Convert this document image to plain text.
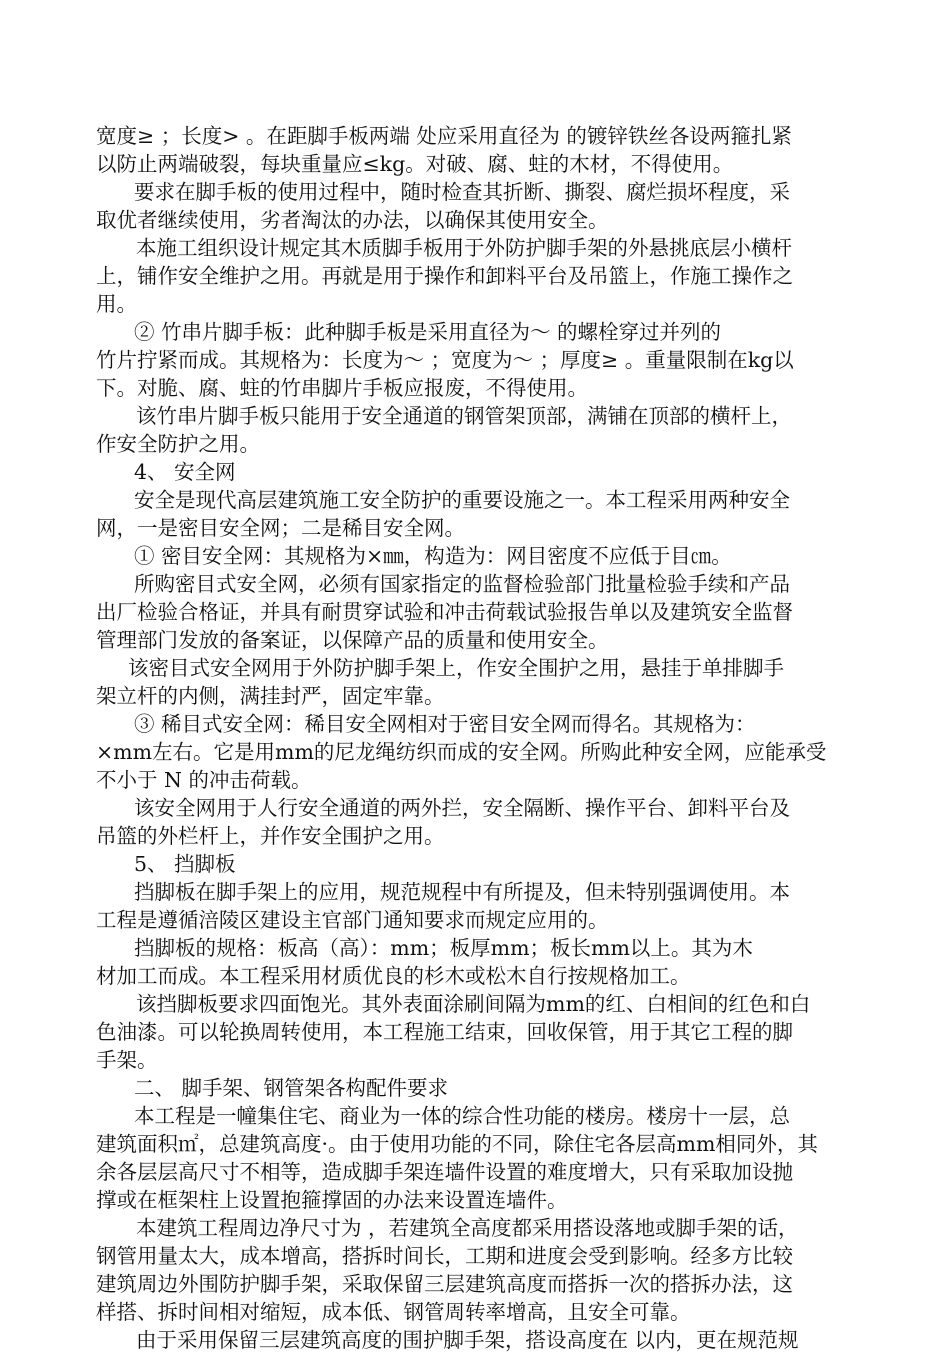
宽度≥ ；长度> 。在距脚手板两端 处应采用直径为 的镀锌铁丝各设两箍扎紧
以防止两端破裂，每块重量应≤kg。对破、腐、蛀的木材，不得使用。
要求在脚手板的使用过程中，随时检查其折断、撕裂、腐烂损坏程度，采
取优者继续使用，劣者淘汰的办法，以确保其使用安全。
本施工组织设计规定其木质脚手板用于外防护脚手架的外悬挑底层小横杆
上，铺作安全维护之用。再就是用于操作和卸料平台及吊篮上，作施工操作之
用。
② 竹串片脚手板：此种脚手板是采用直径为～ 的螺栓穿过并列的
竹片拧紧而成。其规格为：长度为～ ；宽度为～ ；厚度≥ 。重量限制在kg以
下。对脆、腐、蛀的竹串脚片手板应报废，不得使用。
该竹串片脚手板只能用于安全通道的钢管架顶部，满铺在顶部的横杆上，
作安全防护之用。
4、 安全网
安全是现代高层建筑施工安全防护的重要设施之一。本工程采用两种安全
网，一是密目安全网；二是稀目安全网。
① 密目安全网：其规格为×㎜，构造为：网目密度不应低于目㎝。
所购密目式安全网，必须有国家指定的监督检验部门批量检验手续和产品
出厂检验合格证，并具有耐贯穿试验和冲击荷载试验报告单以及建筑安全监督
管理部门发放的备案证，以保障产品的质量和使用安全。
该密目式安全网用于外防护脚手架上，作安全围护之用，悬挂于单排脚手
架立杆的内侧，满挂封严，固定牢靠。
③ 稀目式安全网：稀目安全网相对于密目安全网而得名。其规格为：
×mm左右。它是用mm的尼龙绳纺织而成的安全网。所购此种安全网，应能承受
不小于 N 的冲击荷载。
该安全网用于人行安全通道的两外拦，安全隔断、操作平台、卸料平台及
吊篮的外栏杆上，并作安全围护之用。
5、 挡脚板
挡脚板在脚手架上的应用，规范规程中有所提及，但未特别强调使用。本
工程是遵循涪陵区建设主官部门通知要求而规定应用的。
挡脚板的规格：板高（高）：mm；板厚mm；板长mm以上。其为木
材加工而成。本工程采用材质优良的杉木或松木自行按规格加工。
该挡脚板要求四面饱光。其外表面涂刷间隔为mm的红、白相间的红色和白
色油漆。可以轮换周转使用，本工程施工结束，回收保管，用于其它工程的脚
手架。
二、 脚手架、钢管架各构配件要求
本工程是一幢集住宅、商业为一体的综合性功能的楼房。楼房十一层，总
建筑面积㎡，总建筑高度·。由于使用功能的不同，除住宅各层高mm相同外，其
余各层层高尺寸不相等，造成脚手架连墙件设置的难度增大，只有采取加设抛
撑或在框架柱上设置抱箍撑固的办法来设置连墙件。
本建筑工程周边净尺寸为 ，若建筑全高度都采用搭设落地或脚手架的话，
钢管用量太大，成本增高，搭拆时间长，工期和进度会受到影响。经多方比较
建筑周边外围防护脚手架，采取保留三层建筑高度而搭拆一次的搭拆办法，这
样搭、拆时间相对缩短，成本低、钢管周转率增高，且安全可靠。
由于采用保留三层建筑高度的围护脚手架，搭设高度在 以内，更在规范规
